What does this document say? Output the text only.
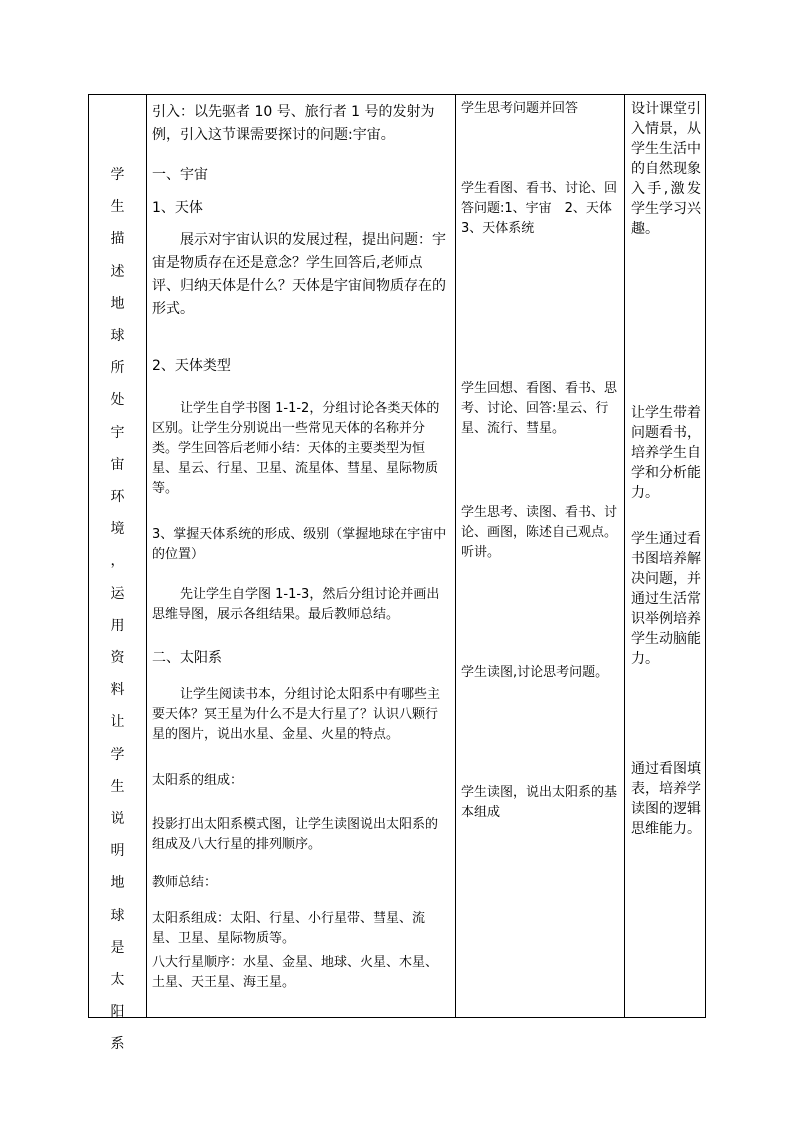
学
生
描
述
地
球
所
处
宇
宙
环
境
，
运
用
资
料
让
学
生
说
明
地
球
是
太
阳
系

引入：以先驱者 10 号、旅行者 1 号的发射为例，引入这节课需要探讨的问题:宇宙。

一、宇宙

1、天体

展示对宇宙认识的发展过程，提出问题：宇宙是物质存在还是意念？学生回答后,老师点评、归纳天体是什么？天体是宇宙间物质存在的形式。

2、天体类型

让学生自学书图 1-1-2，分组讨论各类天体的区别。让学生分别说出一些常见天体的名称并分类。学生回答后老师小结：天体的主要类型为恒星、星云、行星、卫星、流星体、彗星、星际物质等。

3、掌握天体系统的形成、级别（掌握地球在宇宙中的位置）

先让学生自学图 1-1-3，然后分组讨论并画出思维导图，展示各组结果。最后教师总结。

二、太阳系

让学生阅读书本，分组讨论太阳系中有哪些主要天体？冥王星为什么不是大行星了？认识八颗行星的图片，说出水星、金星、火星的特点。

太阳系的组成：

投影打出太阳系模式图，让学生读图说出太阳系的组成及八大行星的排列顺序。

教师总结：

太阳系组成：太阳、行星、小行星带、彗星、流星、卫星、星际物质等。

八大行星顺序：水星、金星、地球、火星、木星、土星、天王星、海王星。

学生思考问题并回答

学生看图、看书、讨论、回答问题:1、宇宙　2、天体　3、天体系统

学生回想、看图、看书、思考、讨论、回答:星云、行星、流行、彗星。

学生思考、读图、看书、讨论、画图，陈述自己观点。听讲。

学生读图,讨论思考问题。

学生读图，说出太阳系的基本组成

设计课堂引入情景，从学生生活中的自然现象入手,激发学生学习兴趣。

让学生带着问题看书，培养学生自学和分析能力。

学生通过看书图培养解决问题，并通过生活常识举例培养学生动脑能力。

通过看图填表，培养学读图的逻辑思维能力。
